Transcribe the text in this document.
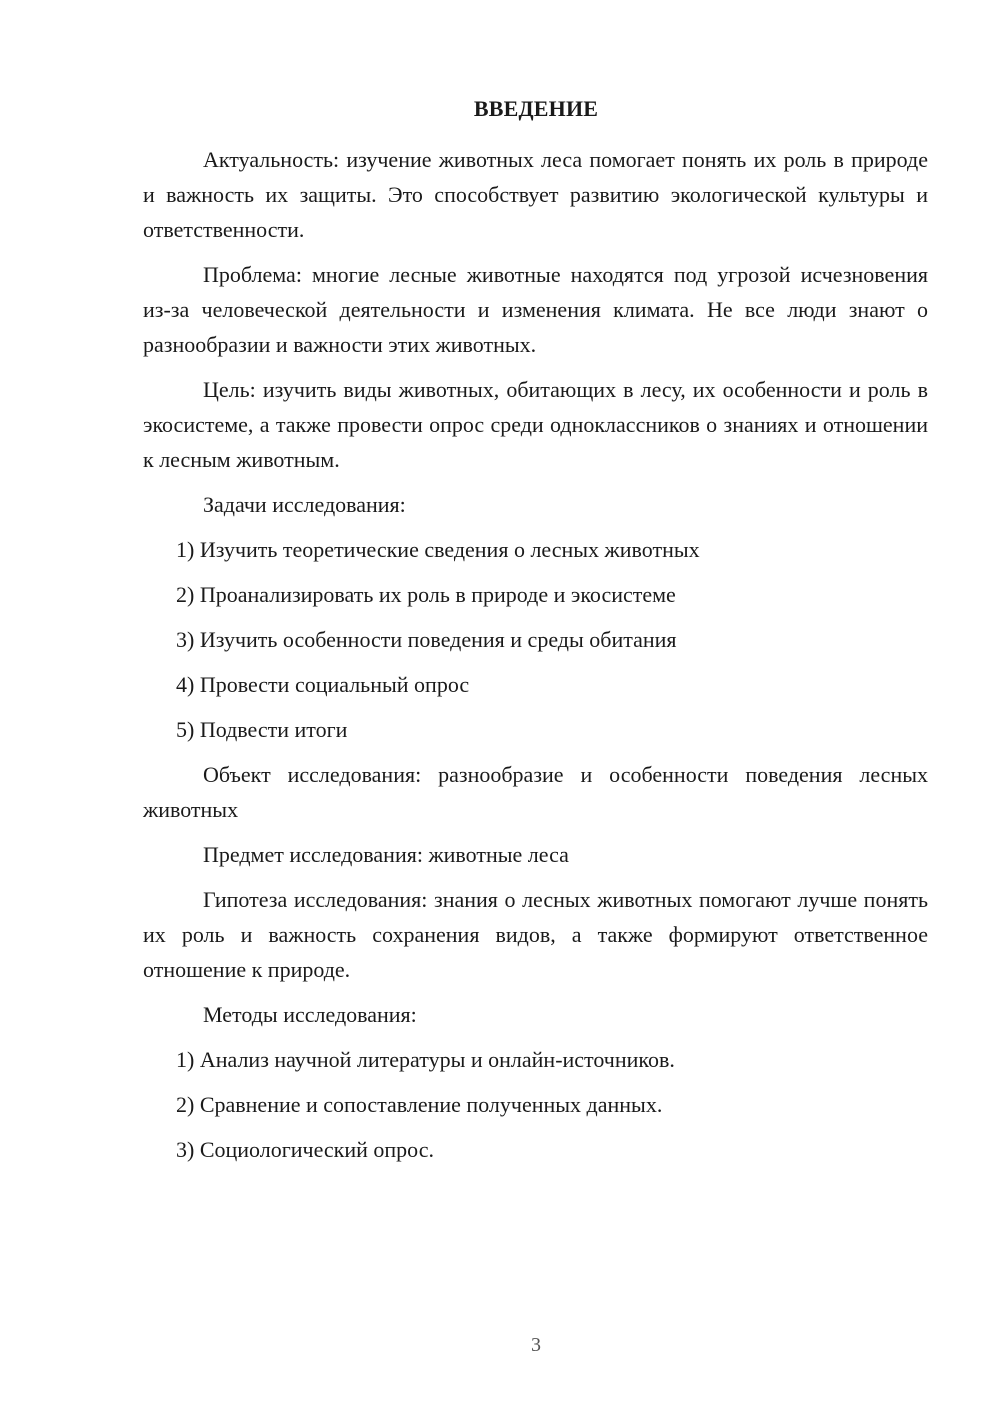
ВВЕДЕНИЕ

Актуальность: изучение животных леса помогает понять их роль в природе и важность их защиты. Это способствует развитию экологической культуры и ответственности.

Проблема: многие лесные животные находятся под угрозой исчезновения из-за человеческой деятельности и изменения климата. Не все люди знают о разнообразии и важности этих животных.

Цель: изучить виды животных, обитающих в лесу, их особенности и роль в экосистеме, а также провести опрос среди одноклассников о знаниях и отношении к лесным животным.

Задачи исследования:

1) Изучить теоретические сведения о лесных животных
2) Проанализировать их роль в природе и экосистеме
3) Изучить особенности поведения и среды обитания
4) Провести социальный опрос
5) Подвести итоги

Объект исследования: разнообразие и особенности поведения лесных животных

Предмет исследования: животные леса

Гипотеза исследования: знания о лесных животных помогают лучше понять их роль и важность сохранения видов, а также формируют ответственное отношение к природе.

Методы исследования:

1) Анализ научной литературы и онлайн-источников.
2) Сравнение и сопоставление полученных данных.
3) Социологический опрос.
3
